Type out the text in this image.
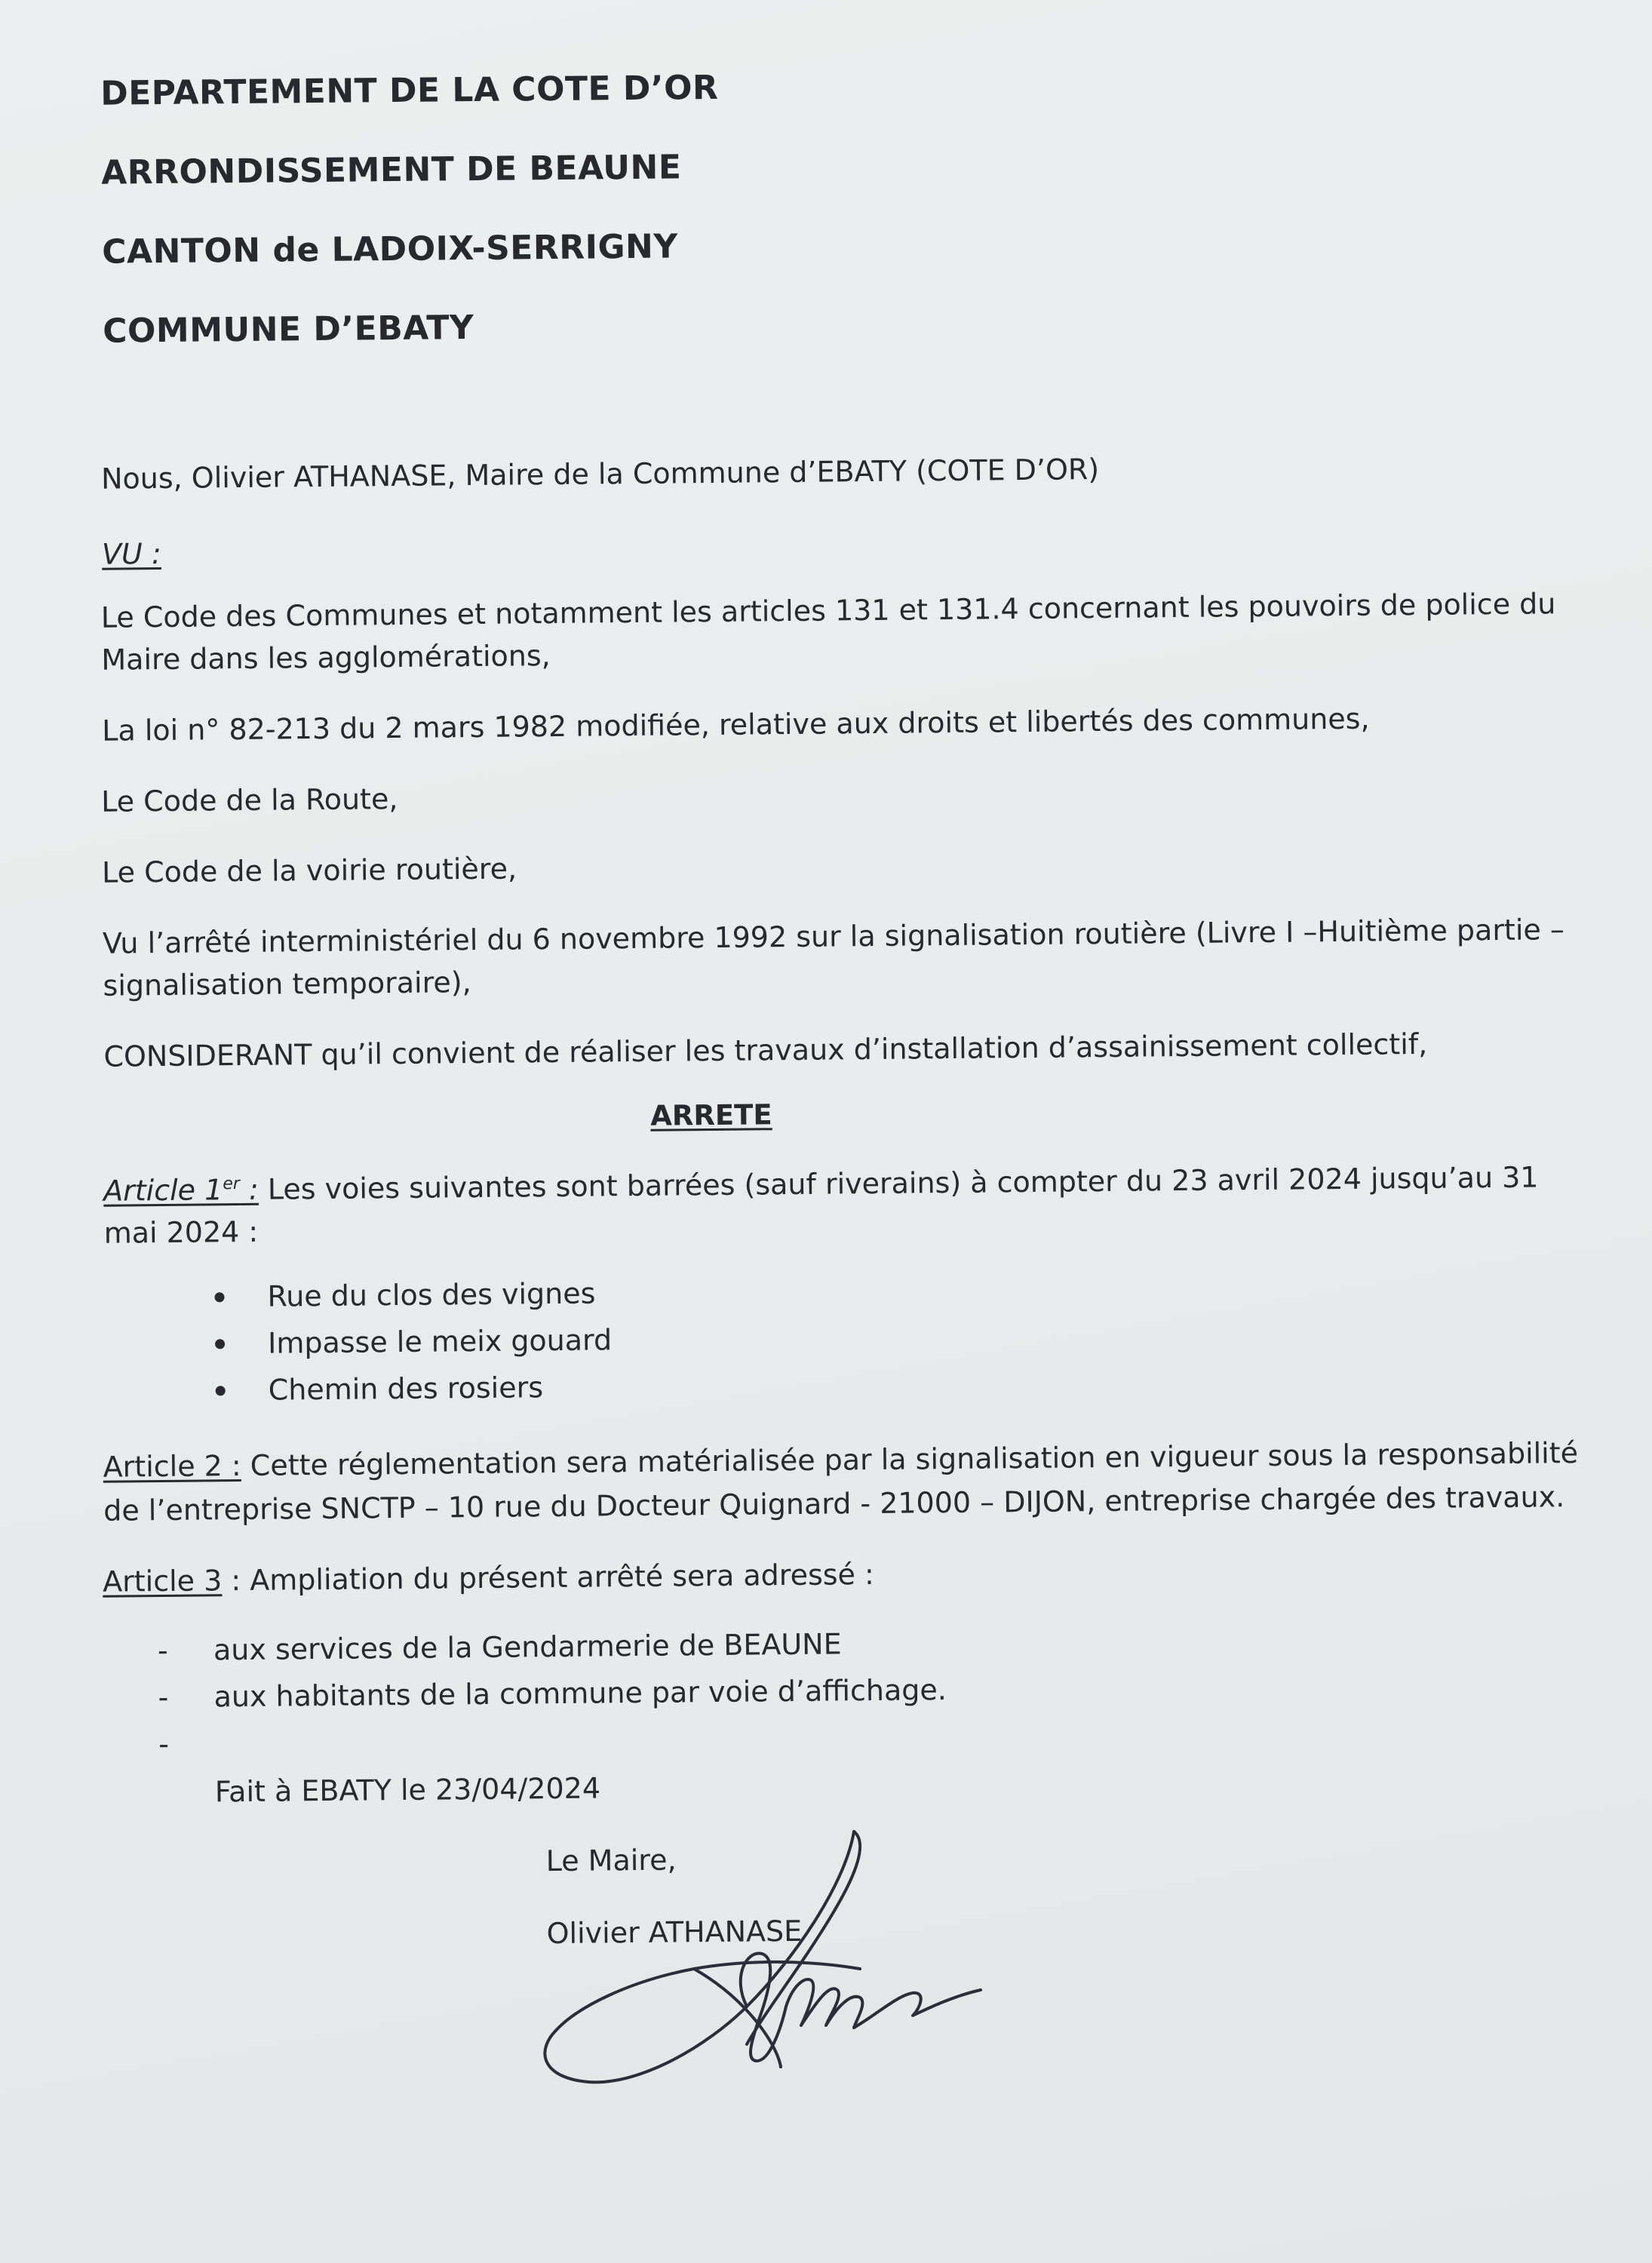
DEPARTEMENT DE LA COTE D’OR
ARRONDISSEMENT DE BEAUNE
CANTON de LADOIX-SERRIGNY
COMMUNE D’EBATY
Nous, Olivier ATHANASE, Maire de la Commune d’EBATY (COTE D’OR)
VU :
Le Code des Communes et notamment les articles 131 et 131.4 concernant les pouvoirs de police du
Maire dans les agglomérations,
La loi n° 82-213 du 2 mars 1982 modifiée, relative aux droits et libertés des communes,
Le Code de la Route,
Le Code de la voirie routière,
Vu l’arrêté interministériel du 6 novembre 1992 sur la signalisation routière (Livre I –Huitième partie –
signalisation temporaire),
CONSIDERANT qu’il convient de réaliser les travaux d’installation d’assainissement collectif,
ARRETE
Article 1er : Les voies suivantes sont barrées (sauf riverains) à compter du 23 avril 2024 jusqu’au 31
mai 2024 :
Rue du clos des vignes
Impasse le meix gouard
Chemin des rosiers
Article 2 : Cette réglementation sera matérialisée par la signalisation en vigueur sous la responsabilité
de l’entreprise SNCTP – 10 rue du Docteur Quignard - 21000 – DIJON, entreprise chargée des travaux.
Article 3 : Ampliation du présent arrêté sera adressé :
- aux services de la Gendarmerie de BEAUNE
- aux habitants de la commune par voie d’affichage.
-
Fait à EBATY le 23/04/2024
Le Maire,
Olivier ATHANASE
